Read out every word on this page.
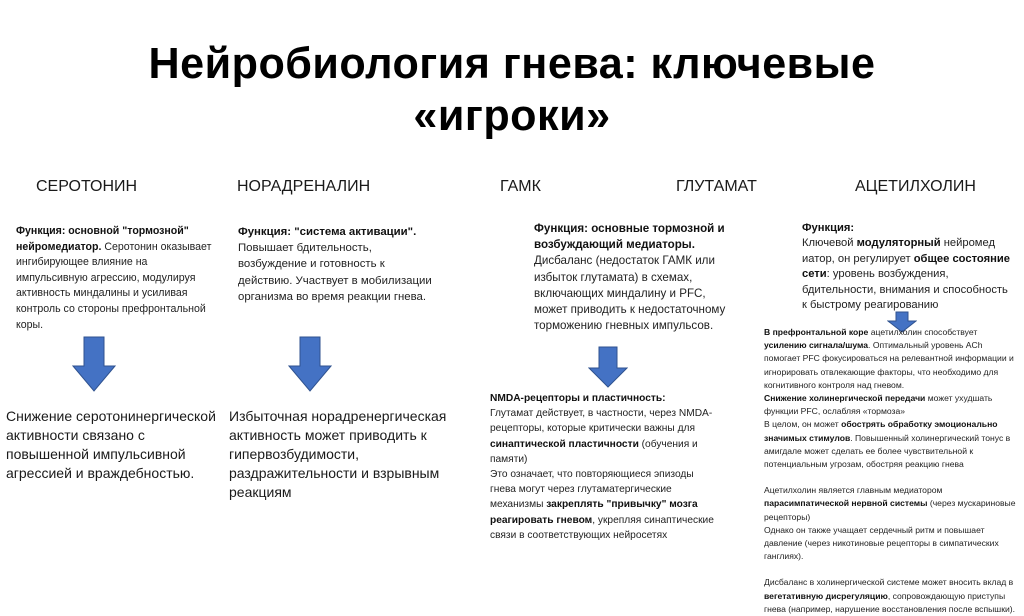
Нейробиология гнева: ключевые
«игроки»
СЕРОТОНИН	НОРАДРЕНАЛИН	ГАМК	ГЛУТАМАТ	АЦЕТИЛХОЛИН
Функция: основной "тормозной" нейромедиатор. Серотонин оказывает ингибирующее влияние на импульсивную агрессию, модулируя активность миндалины и усиливая контроль со стороны префронтальной коры.
Функция: "система активации". Повышает бдительность, возбуждение и готовность к действию. Участвует в мобилизации организма во время реакции гнева.
Функция: основные тормозной и возбуждающий медиаторы. Дисбаланс (недостаток ГАМК или избыток глутамата) в схемах, включающих миндалину и PFC, может приводить к недостаточному торможению гневных импульсов.
Функция:
Ключевой модуляторный нейромед иатор, он регулирует общее состояние сети: уровень возбуждения, бдительности, внимания и способность к быстрому реагированию
Снижение серотонинергической активности связано с повышенной импульсивной агрессией и враждебностью.
Избыточная норадренергическая активность может приводить к гипервозбудимости, раздражительности и взрывным реакциям
NMDA-рецепторы и пластичность:
Глутамат действует, в частности, через NMDA-рецепторы, которые критически важны для синаптической пластичности (обучения и памяти)
Это означает, что повторяющиеся эпизоды гнева могут через глутаматергические механизмы закреплять "привычку" мозга реагировать гневом, укрепляя синаптические связи в соответствующих нейросетях

В префронтальной коре ацетилхолин способствует усилению сигнала/шума. Оптимальный уровень ACh помогает PFC фокусироваться на релевантной информации и игнорировать отвлекающие факторы, что необходимо для когнитивного контроля над гневом.

Снижение холинергической передачи может ухудшать функции PFC, ослабляя «тормоза»

В целом, он может обострять обработку эмоционально значимых стимулов. Повышенный холинергический тонус в амигдале может сделать ее более чувствительной к потенциальным угрозам, обостряя реакцию гнева

Ацетилхолин является главным медиатором парасимпатической нервной системы (через мускариновые рецепторы)

Однако он также учащает сердечный ритм и повышает давление (через никотиновые рецепторы в симпатических ганглиях).

Дисбаланс в холинергической системе может вносить вклад в вегетативную дисрегуляцию, сопровождающую приступы гнева (например, нарушение восстановления после вспышки).
